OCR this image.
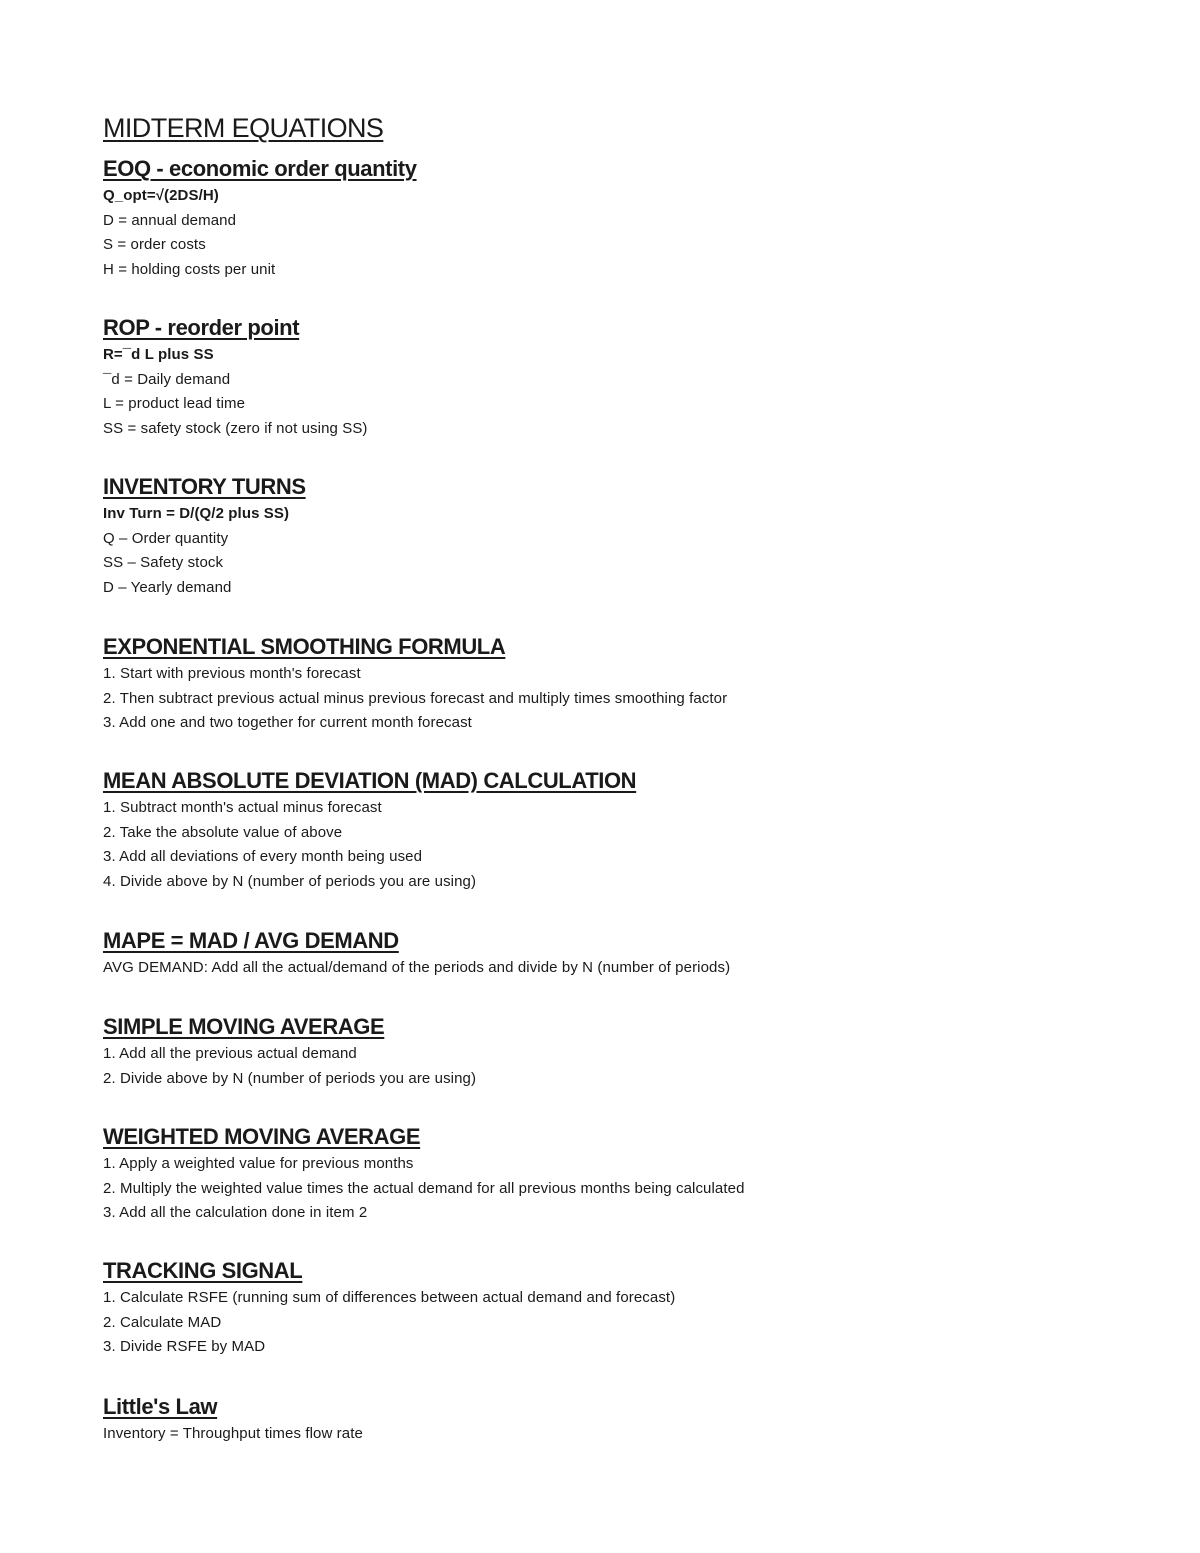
MIDTERM EQUATIONS
EOQ - economic order quantity
Q_opt=√(2DS/H)
D = annual demand
S = order costs
H = holding costs per unit
ROP - reorder point
R=¯d L plus SS
¯d = Daily demand
L = product lead time
SS = safety stock (zero if not using SS)
INVENTORY TURNS
Inv Turn = D/(Q/2 plus SS)
Q – Order quantity
SS – Safety stock
D – Yearly demand
EXPONENTIAL SMOOTHING FORMULA
1. Start with previous month's forecast
2. Then subtract previous actual minus previous forecast and multiply times smoothing factor
3. Add one and two together for current month forecast
MEAN ABSOLUTE DEVIATION (MAD) CALCULATION
1. Subtract month's actual minus forecast
2. Take the absolute value of above
3. Add all deviations of every month being used
4. Divide above by N (number of periods you are using)
MAPE = MAD / AVG DEMAND
AVG DEMAND: Add all the actual/demand of the periods and divide by N (number of periods)
SIMPLE MOVING AVERAGE
1. Add all the previous actual demand
2. Divide above by N (number of periods you are using)
WEIGHTED MOVING AVERAGE
1. Apply a weighted value for previous months
2. Multiply the weighted value times the actual demand for all previous months being calculated
3. Add all the calculation done in item 2
TRACKING SIGNAL
1. Calculate RSFE (running sum of differences between actual demand and forecast)
2. Calculate MAD
3. Divide RSFE by MAD
Little's Law
Inventory = Throughput times flow rate
